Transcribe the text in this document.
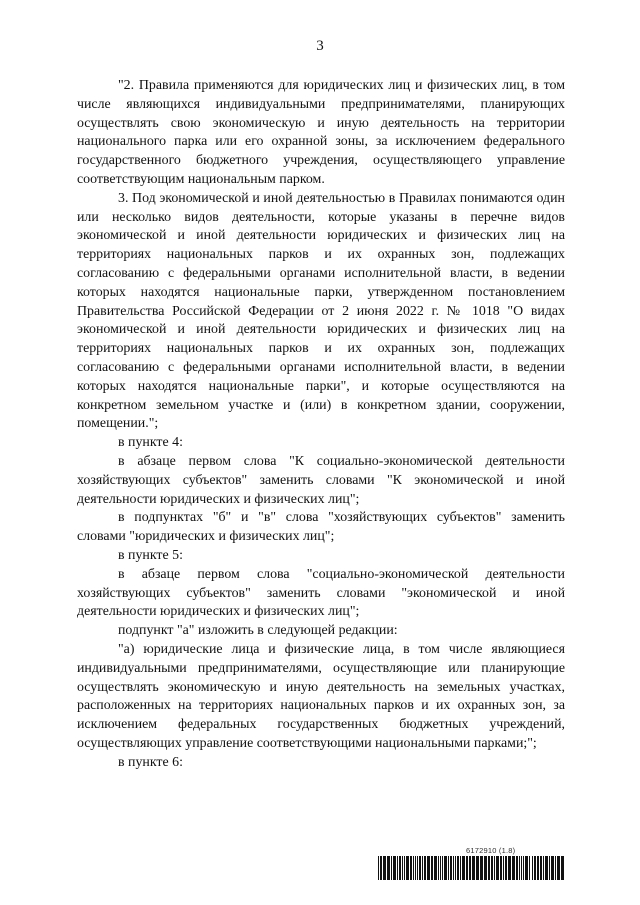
3

"2. Правила применяются для юридических лиц и физических лиц, в том числе являющихся индивидуальными предпринимателями, планирующих осуществлять свою экономическую и иную деятельность на территории национального парка или его охранной зоны, за исключением федерального государственного бюджетного учреждения, осуществляющего управление соответствующим национальным парком.

3. Под экономической и иной деятельностью в Правилах понимаются один или несколько видов деятельности, которые указаны в перечне видов экономической и иной деятельности юридических и физических лиц на территориях национальных парков и их охранных зон, подлежащих согласованию с федеральными органами исполнительной власти, в ведении которых находятся национальные парки, утвержденном постановлением Правительства Российской Федерации от 2 июня 2022 г. № 1018 "О видах экономической и иной деятельности юридических и физических лиц на территориях национальных парков и их охранных зон, подлежащих согласованию с федеральными органами исполнительной власти, в ведении которых находятся национальные парки", и которые осуществляются на конкретном земельном участке и (или) в конкретном здании, сооружении, помещении.";

в пункте 4:

в абзаце первом слова "К социально-экономической деятельности хозяйствующих субъектов" заменить словами "К экономической и иной деятельности юридических и физических лиц";

в подпунктах "б" и "в" слова "хозяйствующих субъектов" заменить словами "юридических и физических лиц";

в пункте 5:

в абзаце первом слова "социально-экономической деятельности хозяйствующих субъектов" заменить словами "экономической и иной деятельности юридических и физических лиц";

подпункт "а" изложить в следующей редакции:

"а) юридические лица и физические лица, в том числе являющиеся индивидуальными предпринимателями, осуществляющие или планирующие осуществлять экономическую и иную деятельность на земельных участках, расположенных на территориях национальных парков и их охранных зон, за исключением федеральных государственных бюджетных учреждений, осуществляющих управление соответствующими национальными парками;";

в пункте 6:

6172910 (1.8)
